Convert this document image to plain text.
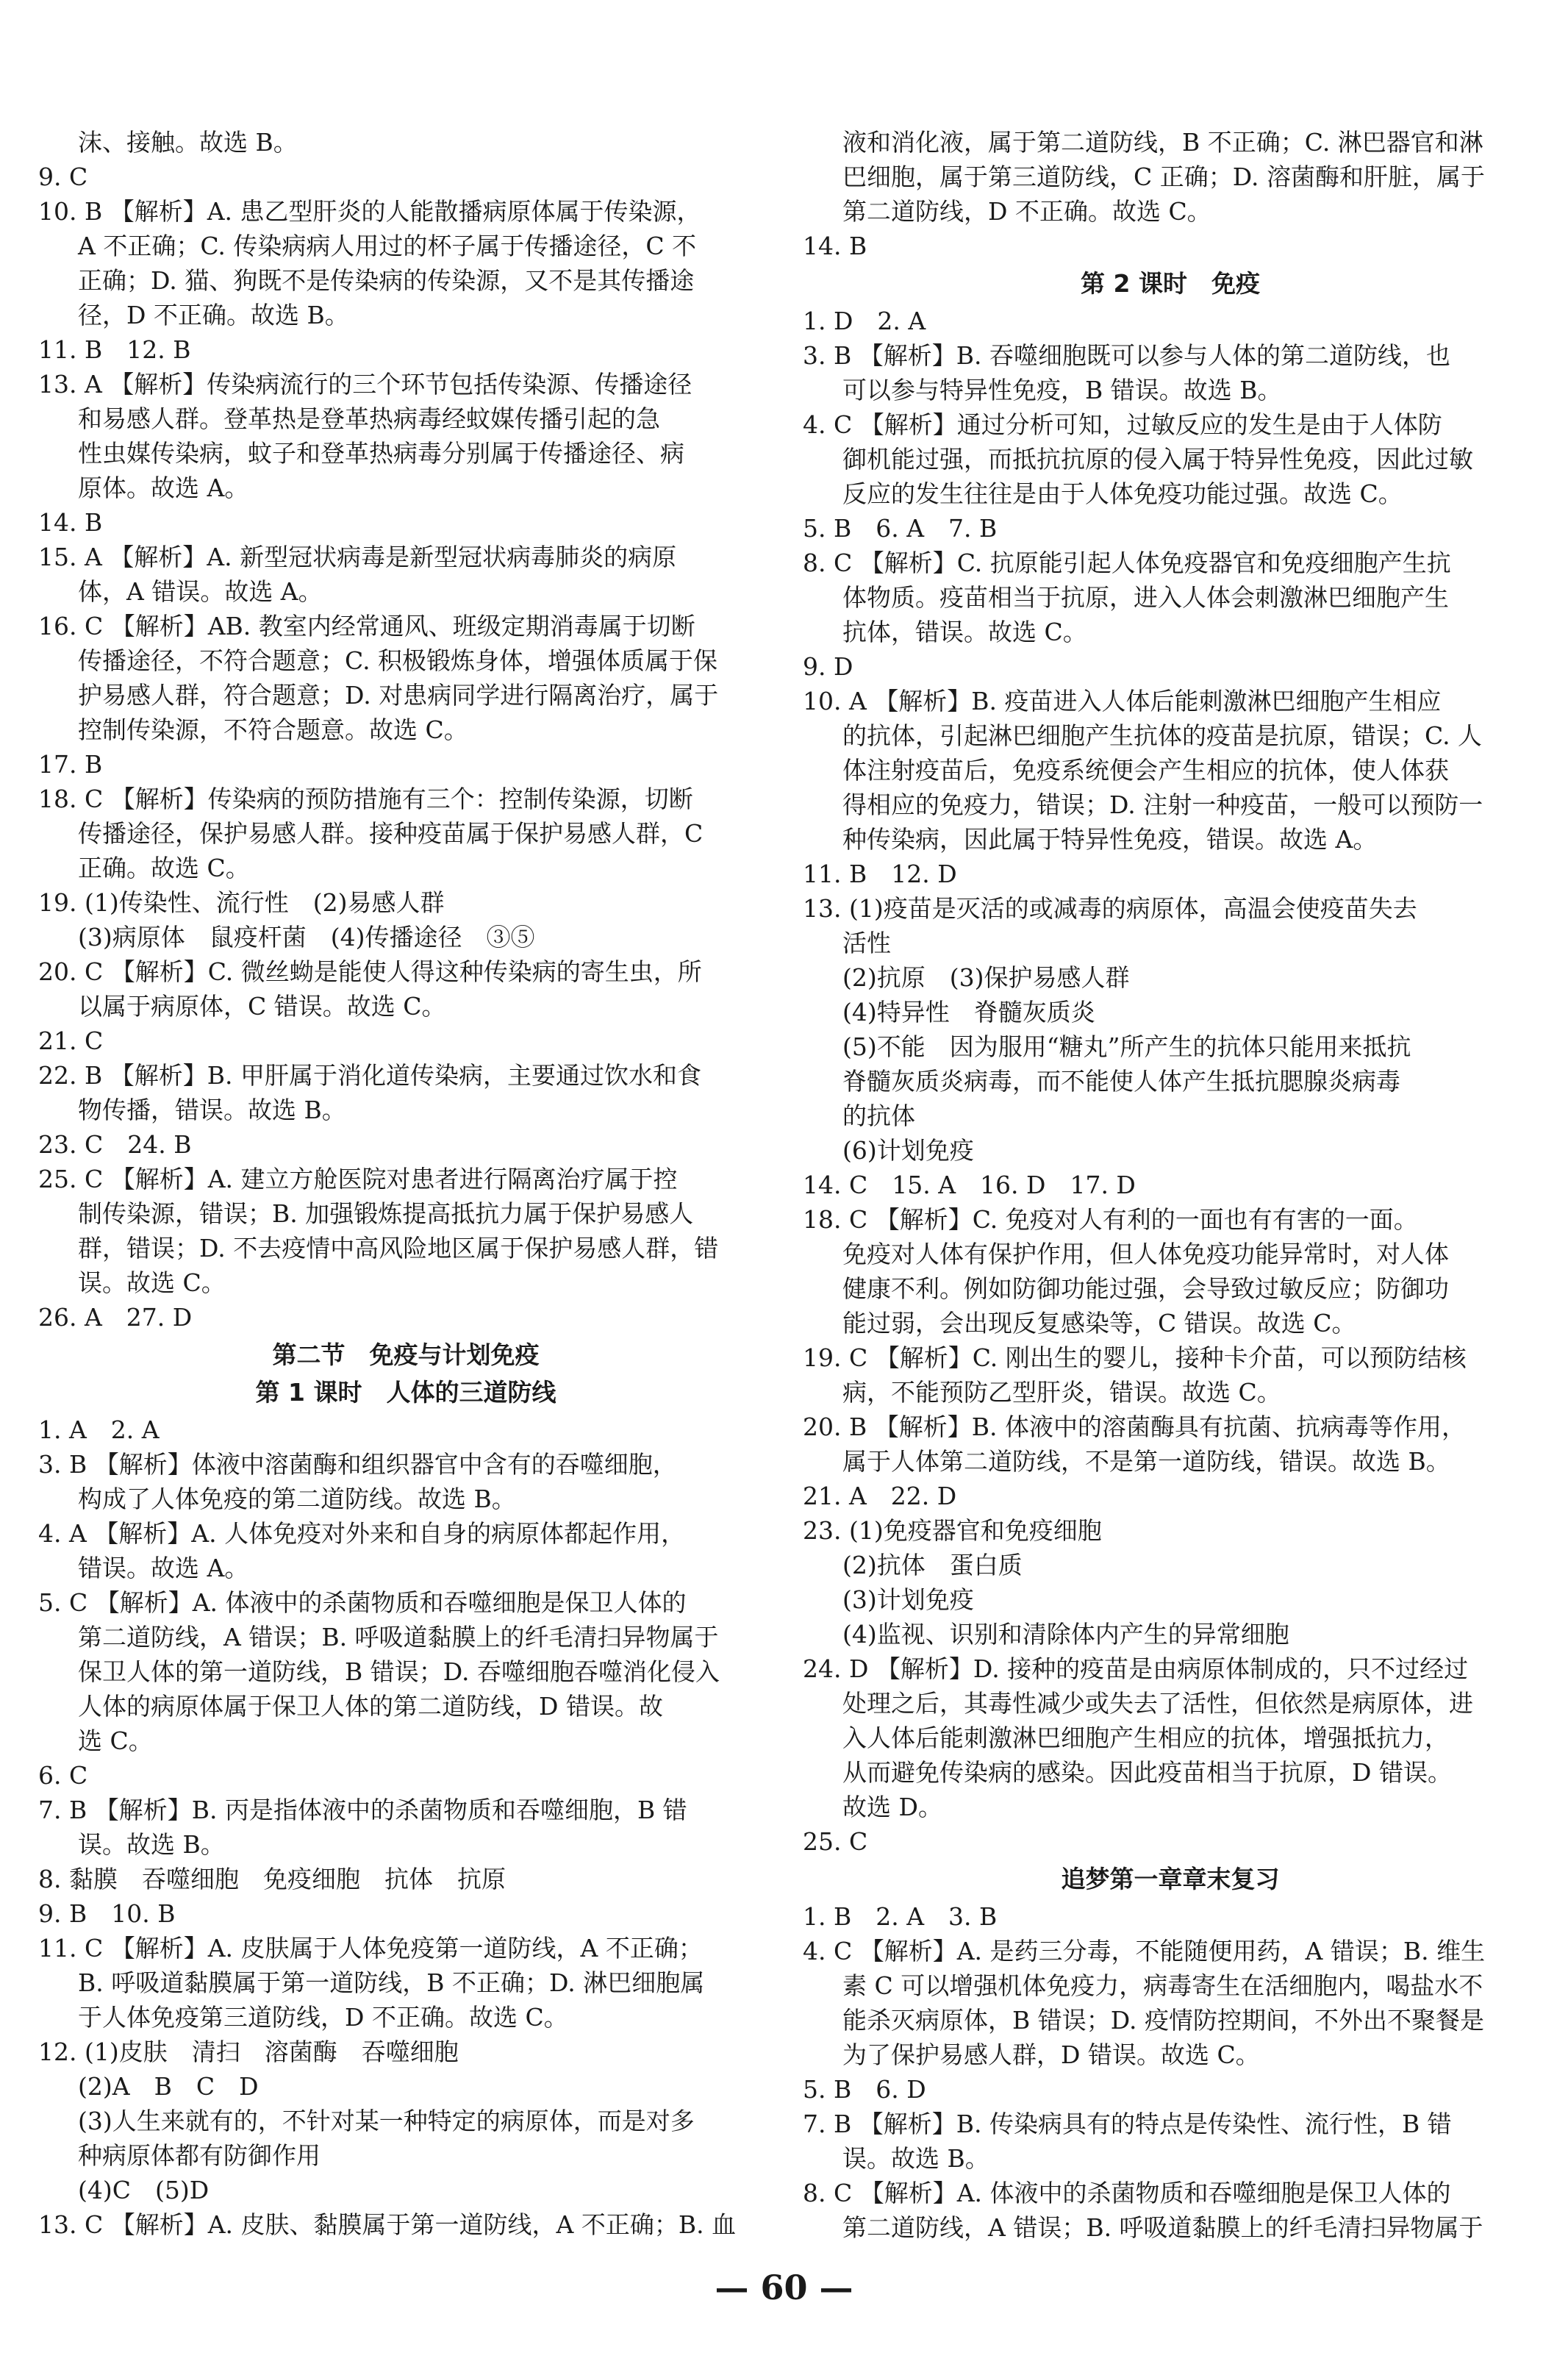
沫、接触。故选 B。
9. C
10. B 【解析】A. 患乙型肝炎的人能散播病原体属于传染源，
A 不正确；C. 传染病病人用过的杯子属于传播途径，C 不
正确；D. 猫、狗既不是传染病的传染源，又不是其传播途
径，D 不正确。故选 B。
11. B　12. B
13. A 【解析】传染病流行的三个环节包括传染源、传播途径
和易感人群。登革热是登革热病毒经蚊媒传播引起的急
性虫媒传染病，蚊子和登革热病毒分别属于传播途径、病
原体。故选 A。
14. B
15. A 【解析】A. 新型冠状病毒是新型冠状病毒肺炎的病原
体，A 错误。故选 A。
16. C 【解析】AB. 教室内经常通风、班级定期消毒属于切断
传播途径，不符合题意；C. 积极锻炼身体，增强体质属于保
护易感人群，符合题意；D. 对患病同学进行隔离治疗，属于
控制传染源，不符合题意。故选 C。
17. B
18. C 【解析】传染病的预防措施有三个：控制传染源，切断
传播途径，保护易感人群。接种疫苗属于保护易感人群，C
正确。故选 C。
19. (1)传染性、流行性　(2)易感人群
(3)病原体　鼠疫杆菌　(4)传播途径　③⑤
20. C 【解析】C. 微丝蚴是能使人得这种传染病的寄生虫，所
以属于病原体，C 错误。故选 C。
21. C
22. B 【解析】B. 甲肝属于消化道传染病，主要通过饮水和食
物传播，错误。故选 B。
23. C　24. B
25. C 【解析】A. 建立方舱医院对患者进行隔离治疗属于控
制传染源，错误；B. 加强锻炼提高抵抗力属于保护易感人
群，错误；D. 不去疫情中高风险地区属于保护易感人群，错
误。故选 C。
26. A　27. D
第二节　免疫与计划免疫
第 1 课时　人体的三道防线
1. A　2. A
3. B 【解析】体液中溶菌酶和组织器官中含有的吞噬细胞，
构成了人体免疫的第二道防线。故选 B。
4. A 【解析】A. 人体免疫对外来和自身的病原体都起作用，
错误。故选 A。
5. C 【解析】A. 体液中的杀菌物质和吞噬细胞是保卫人体的
第二道防线，A 错误；B. 呼吸道黏膜上的纤毛清扫异物属于
保卫人体的第一道防线，B 错误；D. 吞噬细胞吞噬消化侵入
人体的病原体属于保卫人体的第二道防线，D 错误。故
选 C。
6. C
7. B 【解析】B. 丙是指体液中的杀菌物质和吞噬细胞，B 错
误。故选 B。
8. 黏膜　吞噬细胞　免疫细胞　抗体　抗原
9. B　10. B
11. C 【解析】A. 皮肤属于人体免疫第一道防线，A 不正确；
B. 呼吸道黏膜属于第一道防线，B 不正确；D. 淋巴细胞属
于人体免疫第三道防线，D 不正确。故选 C。
12. (1)皮肤　清扫　溶菌酶　吞噬细胞
(2)A　B　C　D
(3)人生来就有的，不针对某一种特定的病原体，而是对多
种病原体都有防御作用
(4)C　(5)D
13. C 【解析】A. 皮肤、黏膜属于第一道防线，A 不正确；B. 血
液和消化液，属于第二道防线，B 不正确；C. 淋巴器官和淋
巴细胞，属于第三道防线，C 正确；D. 溶菌酶和肝脏，属于
第二道防线，D 不正确。故选 C。
14. B
第 2 课时　免疫
1. D　2. A
3. B 【解析】B. 吞噬细胞既可以参与人体的第二道防线，也
可以参与特异性免疫，B 错误。故选 B。
4. C 【解析】通过分析可知，过敏反应的发生是由于人体防
御机能过强，而抵抗抗原的侵入属于特异性免疫，因此过敏
反应的发生往往是由于人体免疫功能过强。故选 C。
5. B　6. A　7. B
8. C 【解析】C. 抗原能引起人体免疫器官和免疫细胞产生抗
体物质。疫苗相当于抗原，进入人体会刺激淋巴细胞产生
抗体，错误。故选 C。
9. D
10. A 【解析】B. 疫苗进入人体后能刺激淋巴细胞产生相应
的抗体，引起淋巴细胞产生抗体的疫苗是抗原，错误；C. 人
体注射疫苗后，免疫系统便会产生相应的抗体，使人体获
得相应的免疫力，错误；D. 注射一种疫苗，一般可以预防一
种传染病，因此属于特异性免疫，错误。故选 A。
11. B　12. D
13. (1)疫苗是灭活的或减毒的病原体，高温会使疫苗失去
活性
(2)抗原　(3)保护易感人群
(4)特异性　脊髓灰质炎
(5)不能　因为服用“糖丸”所产生的抗体只能用来抵抗
脊髓灰质炎病毒，而不能使人体产生抵抗腮腺炎病毒
的抗体
(6)计划免疫
14. C　15. A　16. D　17. D
18. C 【解析】C. 免疫对人有利的一面也有有害的一面。
免疫对人体有保护作用，但人体免疫功能异常时，对人体
健康不利。例如防御功能过强，会导致过敏反应；防御功
能过弱，会出现反复感染等，C 错误。故选 C。
19. C 【解析】C. 刚出生的婴儿，接种卡介苗，可以预防结核
病，不能预防乙型肝炎，错误。故选 C。
20. B 【解析】B. 体液中的溶菌酶具有抗菌、抗病毒等作用，
属于人体第二道防线，不是第一道防线，错误。故选 B。
21. A　22. D
23. (1)免疫器官和免疫细胞
(2)抗体　蛋白质
(3)计划免疫
(4)监视、识别和清除体内产生的异常细胞
24. D 【解析】D. 接种的疫苗是由病原体制成的，只不过经过
处理之后，其毒性减少或失去了活性，但依然是病原体，进
入人体后能刺激淋巴细胞产生相应的抗体，增强抵抗力，
从而避免传染病的感染。因此疫苗相当于抗原，D 错误。
故选 D。
25. C
追梦第一章章末复习
1. B　2. A　3. B
4. C 【解析】A. 是药三分毒，不能随便用药，A 错误；B. 维生
素 C 可以增强机体免疫力，病毒寄生在活细胞内，喝盐水不
能杀灭病原体，B 错误；D. 疫情防控期间，不外出不聚餐是
为了保护易感人群，D 错误。故选 C。
5. B　6. D
7. B 【解析】B. 传染病具有的特点是传染性、流行性，B 错
误。故选 B。
8. C 【解析】A. 体液中的杀菌物质和吞噬细胞是保卫人体的
第二道防线，A 错误；B. 呼吸道黏膜上的纤毛清扫异物属于
— 60 —
